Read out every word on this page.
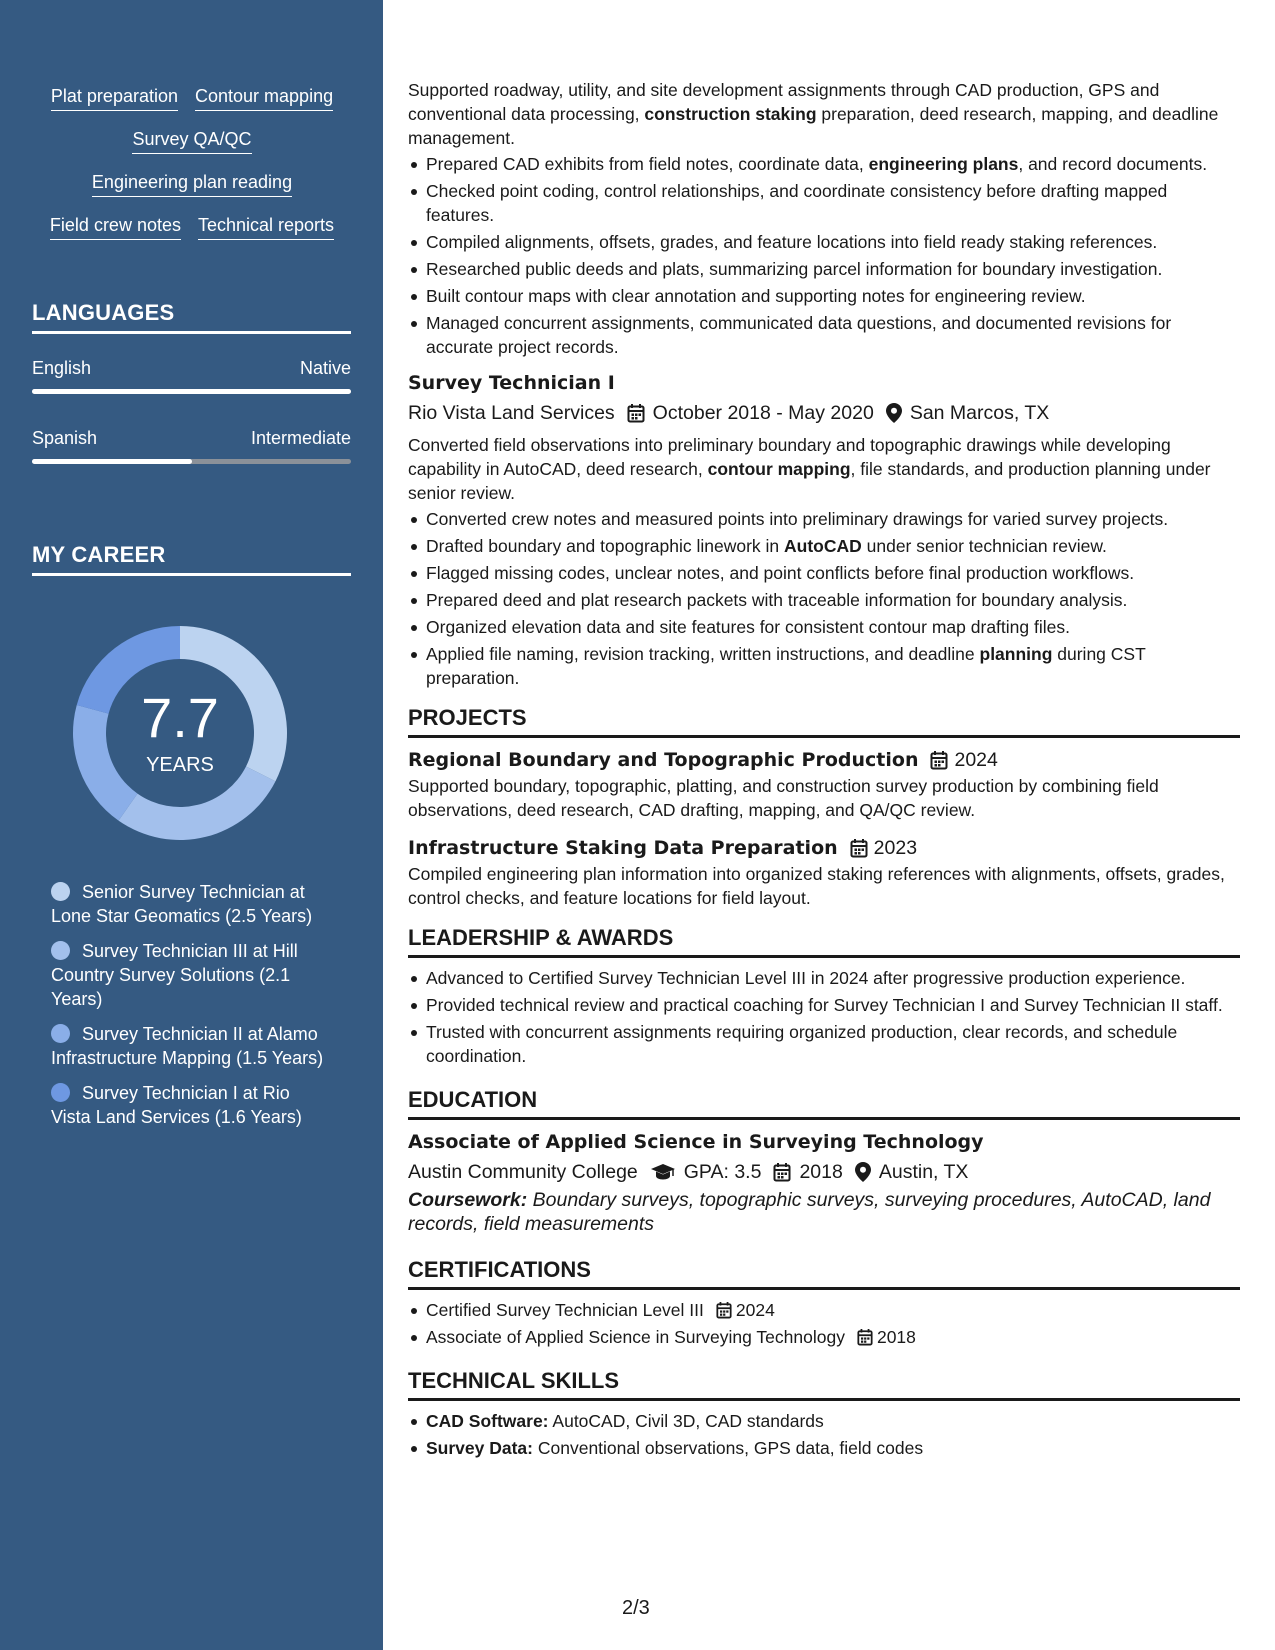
Plat preparation Contour mapping
Survey QA/QC
Engineering plan reading
Field crew notes Technical reports
LANGUAGES
English	Native
Spanish	Intermediate
MY CAREER
7.7
YEARS
Senior Survey Technician at Lone Star Geomatics (2.5 Years)
Survey Technician III at Hill Country Survey Solutions (2.1 Years)
Survey Technician II at Alamo Infrastructure Mapping (1.5 Years)
Survey Technician I at Rio Vista Land Services (1.6 Years)
Supported roadway, utility, and site development assignments through CAD production, GPS and conventional data processing, construction staking preparation, deed research, mapping, and deadline management.
Prepared CAD exhibits from field notes, coordinate data, engineering plans, and record documents.
Checked point coding, control relationships, and coordinate consistency before drafting mapped features.
Compiled alignments, offsets, grades, and feature locations into field ready staking references.
Researched public deeds and plats, summarizing parcel information for boundary investigation.
Built contour maps with clear annotation and supporting notes for engineering review.
Managed concurrent assignments, communicated data questions, and documented revisions for accurate project records.
Survey Technician I
Rio Vista Land Services October 2018 - May 2020 San Marcos, TX
Converted field observations into preliminary boundary and topographic drawings while developing capability in AutoCAD, deed research, contour mapping, file standards, and production planning under senior review.
Converted crew notes and measured points into preliminary drawings for varied survey projects.
Drafted boundary and topographic linework in AutoCAD under senior technician review.
Flagged missing codes, unclear notes, and point conflicts before final production workflows.
Prepared deed and plat research packets with traceable information for boundary analysis.
Organized elevation data and site features for consistent contour map drafting files.
Applied file naming, revision tracking, written instructions, and deadline planning during CST preparation.
PROJECTS
Regional Boundary and Topographic Production 2024
Supported boundary, topographic, platting, and construction survey production by combining field observations, deed research, CAD drafting, mapping, and QA/QC review.
Infrastructure Staking Data Preparation 2023
Compiled engineering plan information into organized staking references with alignments, offsets, grades, control checks, and feature locations for field layout.
LEADERSHIP & AWARDS
Advanced to Certified Survey Technician Level III in 2024 after progressive production experience.
Provided technical review and practical coaching for Survey Technician I and Survey Technician II staff.
Trusted with concurrent assignments requiring organized production, clear records, and schedule coordination.
EDUCATION
Associate of Applied Science in Surveying Technology
Austin Community College GPA: 3.5 2018 Austin, TX
Coursework: Boundary surveys, topographic surveys, surveying procedures, AutoCAD, land records, field measurements
CERTIFICATIONS
Certified Survey Technician Level III 2024
Associate of Applied Science in Surveying Technology 2018
TECHNICAL SKILLS
CAD Software: AutoCAD, Civil 3D, CAD standards
Survey Data: Conventional observations, GPS data, field codes
2/3
